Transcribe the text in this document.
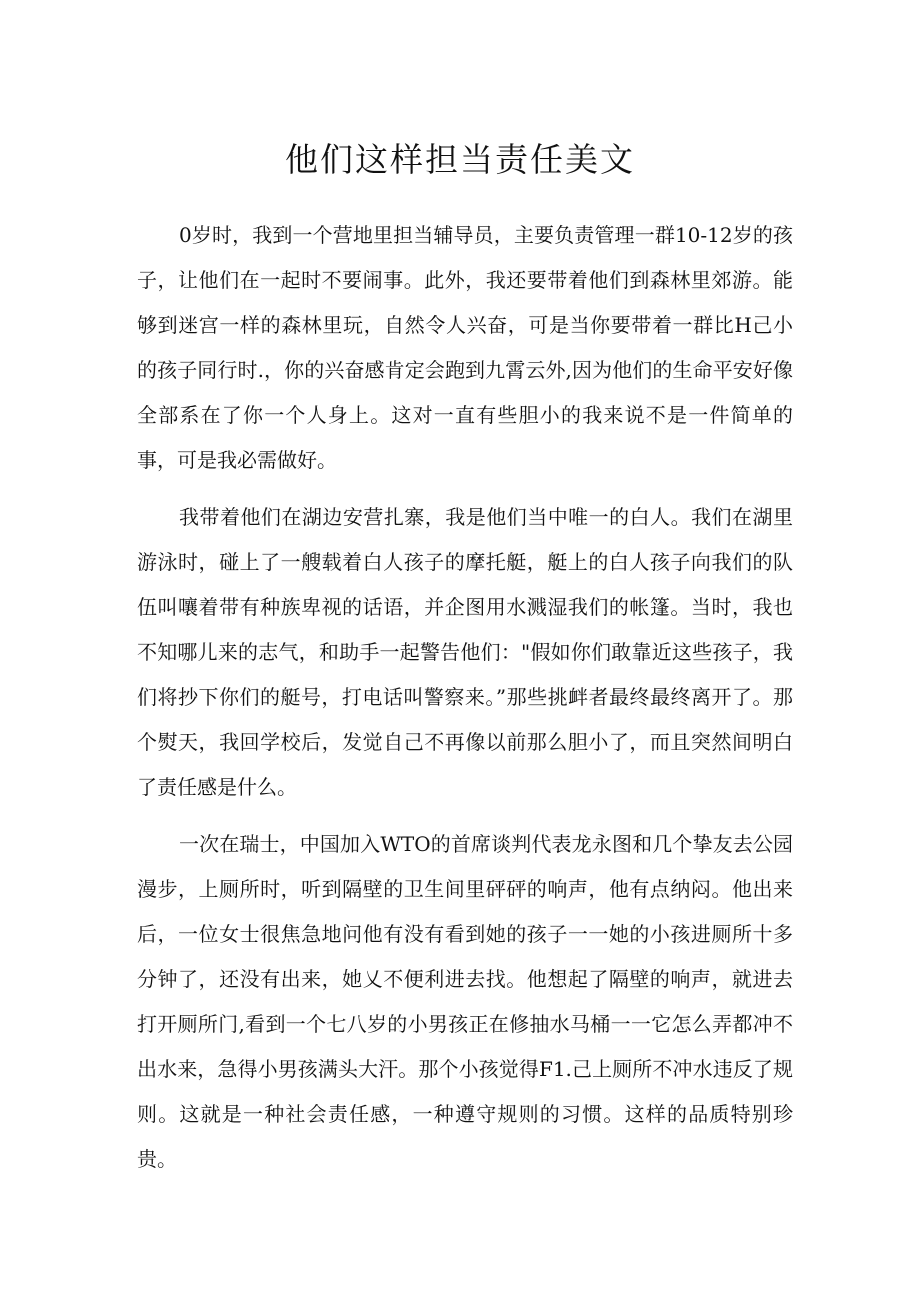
他们这样担当责任美文

0岁时，我到一个营地里担当辅导员，主要负责管理一群10-12岁的孩子，让他们在一起时不要闹事。此外，我还要带着他们到森林里郊游。能够到迷宫一样的森林里玩，自然令人兴奋，可是当你要带着一群比H己小的孩子同行时.，你的兴奋感肯定会跑到九霄云外,因为他们的生命平安好像全部系在了你一个人身上。这对一直有些胆小的我来说不是一件简单的事，可是我必需做好。

我带着他们在湖边安营扎寨，我是他们当中唯一的白人。我们在湖里游泳时，碰上了一艘载着白人孩子的摩托艇，艇上的白人孩子向我们的队伍叫嚷着带有种族卑视的话语，并企图用水溅湿我们的帐篷。当时，我也不知哪儿来的志气，和助手一起警告他们："假如你们敢靠近这些孩子，我们将抄下你们的艇号，打电话叫警察来。”那些挑衅者最终最终离开了。那个熨天，我回学校后，发觉自己不再像以前那么胆小了，而且突然间明白了责任感是什么。

一次在瑞士，中国加入WTO的首席谈判代表龙永图和几个挚友去公园漫步，上厕所时，听到隔壁的卫生间里砰砰的响声，他有点纳闷。他出来后，一位女士很焦急地问他有没有看到她的孩子一一她的小孩进厕所十多分钟了，还没有出来，她乂不便利进去找。他想起了隔壁的响声，就进去打开厕所门,看到一个七八岁的小男孩正在修抽水马桶一一它怎么弄都冲不出水来，急得小男孩满头大汗。那个小孩觉得F1.己上厕所不冲水违反了规则。这就是一种社会责任感，一种遵守规则的习惯。这样的品质特别珍贵。
